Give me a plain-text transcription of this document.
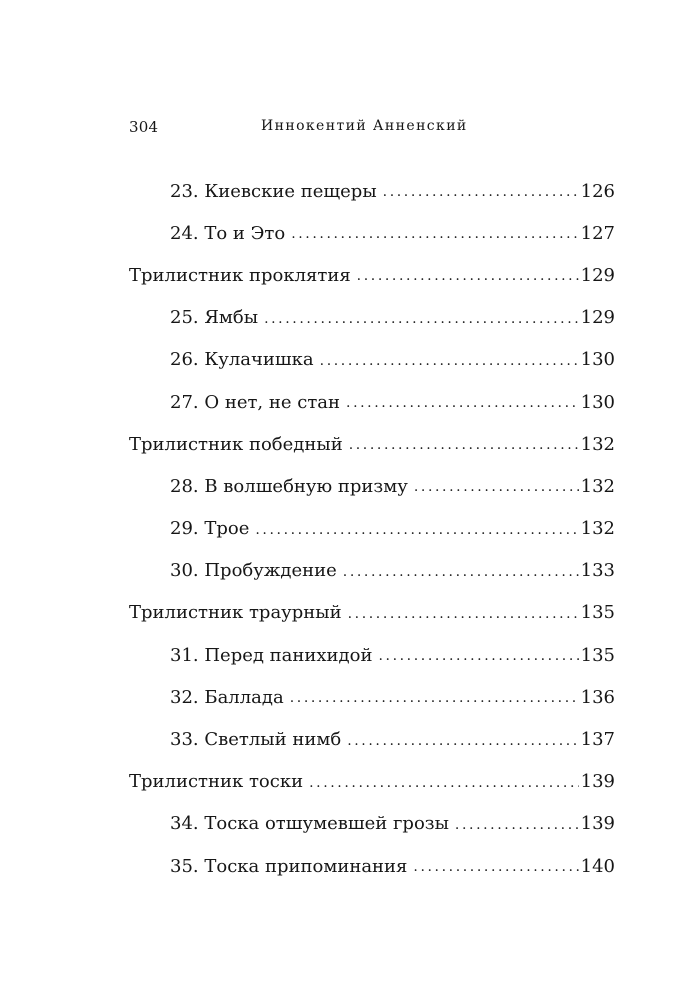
304	Иннокентий Анненский
23. Киевские пещеры .....	126
24. То и Это .....	127
Трилистник проклятия .....	129
25. Ямбы .....	129
26. Кулачишка .....	130
27. О нет, не стан .....	130
Трилистник победный .....	132
28. В волшебную призму .....	132
29. Трое .....	132
30. Пробуждение .....	133
Трилистник траурный .....	135
31. Перед панихидой .....	135
32. Баллада .....	136
33. Светлый нимб .....	137
Трилистник тоски .....	139
34. Тоска отшумевшей грозы .....	139
35. Тоска припоминания .....	140
